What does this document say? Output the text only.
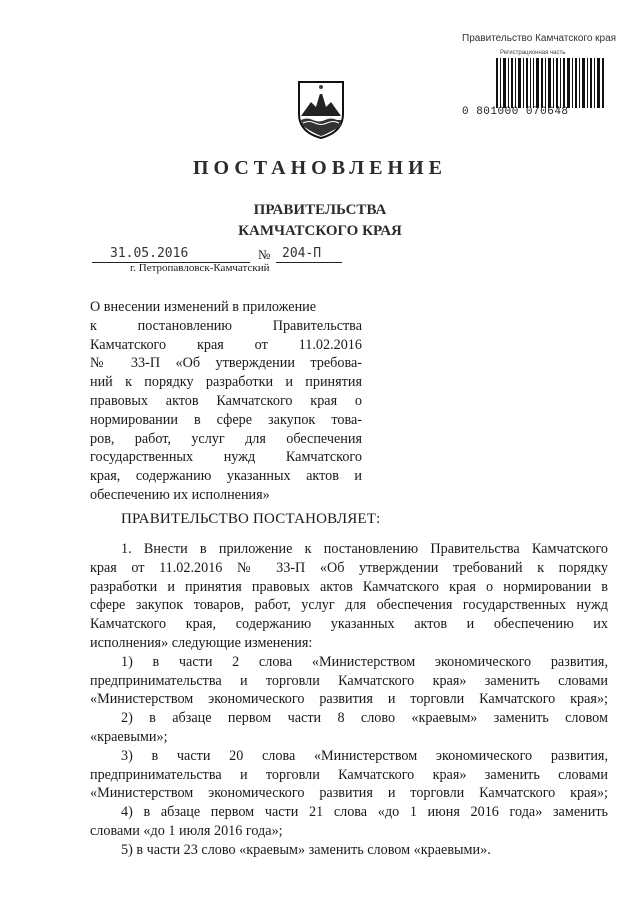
Правительство Камчатского края
Регистрационная часть
0 801000 070648
ПОСТАНОВЛЕНИЕ
ПРАВИТЕЛЬСТВА
КАМЧАТСКОГО КРАЯ
31.05.2016	№ 204-П
г. Петропавловск-Камчатский
О внесении изменений в приложение
к постановлению Правительства
Камчатского края от 11.02.2016
№ 33-П «Об утверждении требова-
ний к порядку разработки и принятия
правовых актов Камчатского края о
нормировании в сфере закупок това-
ров, работ, услуг для обеспечения
государственных нужд Камчатского
края, содержанию указанных актов и
обеспечению их исполнения»
ПРАВИТЕЛЬСТВО ПОСТАНОВЛЯЕТ:

1. Внести в приложение к постановлению Правительства Камчатского

края от 11.02.2016 № 33-П «Об утверждении требований к порядку

разработки и принятия правовых актов Камчатского края о нормировании в

сфере закупок товаров, работ, услуг для обеспечения государственных нужд

Камчатского края, содержанию указанных актов и обеспечению их

исполнения» следующие изменения:

1) в части 2 слова «Министерством экономического развития,

предпринимательства и торговли Камчатского края» заменить словами

«Министерством экономического развития и торговли Камчатского края»;

2) в абзаце первом части 8 слово «краевым» заменить словом

«краевыми»;

3) в части 20 слова «Министерством экономического развития,

предпринимательства и торговли Камчатского края» заменить словами

«Министерством экономического развития и торговли Камчатского края»;

4) в абзаце первом части 21 слова «до 1 июня 2016 года» заменить

словами «до 1 июля 2016 года»;

5) в части 23 слово «краевым» заменить словом «краевыми».
